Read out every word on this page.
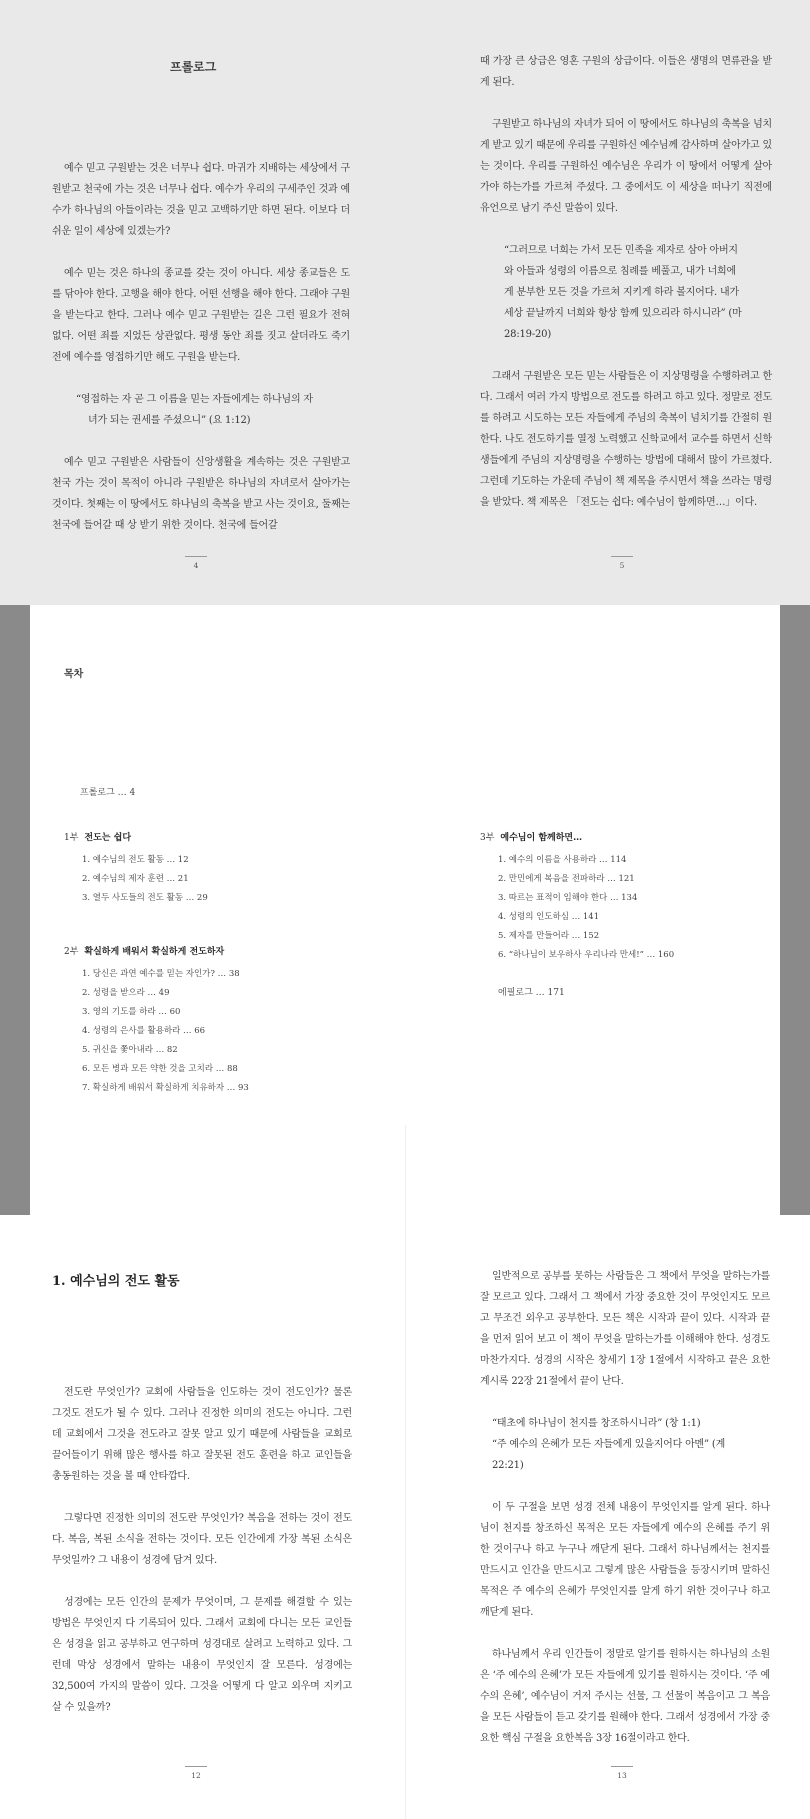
프롤로그

예수 믿고 구원받는 것은 너무나 쉽다. 마귀가 지배하는 세상에서 구원받고 천국에 가는 것은 너무나 쉽다. 예수가 우리의 구세주인 것과 예수가 하나님의 아들이라는 것을 믿고 고백하기만 하면 된다. 이보다 더 쉬운 일이 세상에 있겠는가?

예수 믿는 것은 하나의 종교를 갖는 것이 아니다. 세상 종교들은 도를 닦아야 한다. 고행을 해야 한다. 어떤 선행을 해야 한다. 그래야 구원을 받는다고 한다. 그러나 예수 믿고 구원받는 길은 그런 필요가 전혀 없다. 어떤 죄를 지었든 상관없다. 평생 동안 죄를 짓고 살더라도 죽기 전에 예수를 영접하기만 해도 구원을 받는다.

“영접하는 자 곧 그 이름을 믿는 자들에게는 하나님의 자
녀가 되는 권세를 주셨으니” (요 1:12)

예수 믿고 구원받은 사람들이 신앙생활을 계속하는 것은 구원받고 천국 가는 것이 목적이 아니라 구원받은 하나님의 자녀로서 살아가는 것이다. 첫째는 이 땅에서도 하나님의 축복을 받고 사는 것이요, 둘째는 천국에 들어갈 때 상 받기 위한 것이다. 천국에 들어갈

4

때 가장 큰 상급은 영혼 구원의 상급이다. 이들은 생명의 면류관을 받게 된다.

구원받고 하나님의 자녀가 되어 이 땅에서도 하나님의 축복을 넘치게 받고 있기 때문에 우리를 구원하신 예수님께 감사하며 살아가고 있는 것이다. 우리를 구원하신 예수님은 우리가 이 땅에서 어떻게 살아가야 하는가를 가르쳐 주셨다. 그 중에서도 이 세상을 떠나기 직전에 유언으로 남기 주신 말씀이 있다.

“그러므로 너희는 가서 모든 민족을 제자로 삼아 아버지
와 아들과 성령의 이름으로 침례를 베풀고, 내가 너희에
게 분부한 모든 것을 가르쳐 지키게 하라 볼지어다. 내가
세상 끝날까지 너희와 항상 함께 있으리라 하시니라” (마
28:19-20)

그래서 구원받은 모든 믿는 사람들은 이 지상명령을 수행하려고 한다. 그래서 여러 가지 방법으로 전도를 하려고 하고 있다. 정말로 전도를 하려고 시도하는 모든 자들에게 주님의 축복이 넘치기를 간절히 원한다. 나도 전도하기를 열정 노력했고 신학교에서 교수를 하면서 신학생들에게 주님의 지상명령을 수행하는 방법에 대해서 많이 가르쳤다. 그런데 기도하는 가운데 주님이 책 제목을 주시면서 책을 쓰라는 명령을 받았다. 책 제목은 「전도는 쉽다: 예수님이 함께하면…」이다.

5
목차
프롤로그 … 4
1부 전도는 쉽다
1. 예수님의 전도 활동 … 12
2. 예수님의 제자 훈련 … 21
3. 열두 사도들의 전도 활동 … 29
2부 확실하게 배워서 확실하게 전도하자
1. 당신은 과연 예수를 믿는 자인가? … 38
2. 성령을 받으라 … 49
3. 영의 기도를 하라 … 60
4. 성령의 은사를 활용하라 … 66
5. 귀신을 쫓아내라 … 82
6. 모든 병과 모든 약한 것을 고치라 … 88
7. 확실하게 배워서 확실하게 치유하자 … 93
3부 예수님이 함께하면…
1. 예수의 이름을 사용하라 … 114
2. 만민에게 복음을 전파하라 … 121
3. 따르는 표적이 임해야 한다 … 134
4. 성령의 인도하심 … 141
5. 제자를 만들어라 … 152
6. “하나님이 보우하사 우리나라 만세!” … 160
에필로그 … 171
1. 예수님의 전도 활동

전도란 무엇인가? 교회에 사람들을 인도하는 것이 전도인가? 물론 그것도 전도가 될 수 있다. 그러나 진정한 의미의 전도는 아니다. 그런데 교회에서 그것을 전도라고 잘못 알고 있기 때문에 사람들을 교회로 끌어들이기 위해 많은 행사를 하고 잘못된 전도 훈련을 하고 교인들을 총동원하는 것을 볼 때 안타깝다.

그렇다면 진정한 의미의 전도란 무엇인가? 복음을 전하는 것이 전도다. 복음, 복된 소식을 전하는 것이다. 모든 인간에게 가장 복된 소식은 무엇일까? 그 내용이 성경에 담겨 있다.

성경에는 모든 인간의 문제가 무엇이며, 그 문제를 해결할 수 있는 방법은 무엇인지 다 기록되어 있다. 그래서 교회에 다니는 모든 교인들은 성경을 읽고 공부하고 연구하며 성경대로 살려고 노력하고 있다. 그런데 막상 성경에서 말하는 내용이 무엇인지 잘 모른다. 성경에는 32,500여 가지의 말씀이 있다. 그것을 어떻게 다 알고 외우며 지키고 살 수 있을까?

12

일반적으로 공부를 못하는 사람들은 그 책에서 무엇을 말하는가를 잘 모르고 있다. 그래서 그 책에서 가장 중요한 것이 무엇인지도 모르고 무조건 외우고 공부한다. 모든 책은 시작과 끝이 있다. 시작과 끝을 먼저 읽어 보고 이 책이 무엇을 말하는가를 이해해야 한다. 성경도 마찬가지다. 성경의 시작은 창세기 1장 1절에서 시작하고 끝은 요한계시록 22장 21절에서 끝이 난다.

“태초에 하나님이 천지를 창조하시니라” (창 1:1)
“주 예수의 은혜가 모든 자들에게 있을지어다 아멘” (계
22:21)

이 두 구절을 보면 성경 전체 내용이 무엇인지를 알게 된다. 하나님이 천지를 창조하신 목적은 모든 자들에게 예수의 은혜를 주기 위한 것이구나 하고 누구나 깨닫게 된다. 그래서 하나님께서는 천지를 만드시고 인간을 만드시고 그렇게 많은 사람들을 등장시키며 말하신 목적은 주 예수의 은혜가 무엇인지를 알게 하기 위한 것이구나 하고 깨닫게 된다.

하나님께서 우리 인간들이 정말로 알기를 원하시는 하나님의 소원은 ‘주 예수의 은혜’가 모든 자들에게 있기를 원하시는 것이다. ‘주 예수의 은혜’, 예수님이 거저 주시는 선물, 그 선물이 복음이고 그 복음을 모든 사람들이 듣고 갖기를 원해야 한다. 그래서 성경에서 가장 중요한 핵심 구절을 요한복음 3장 16절이라고 한다.

13
